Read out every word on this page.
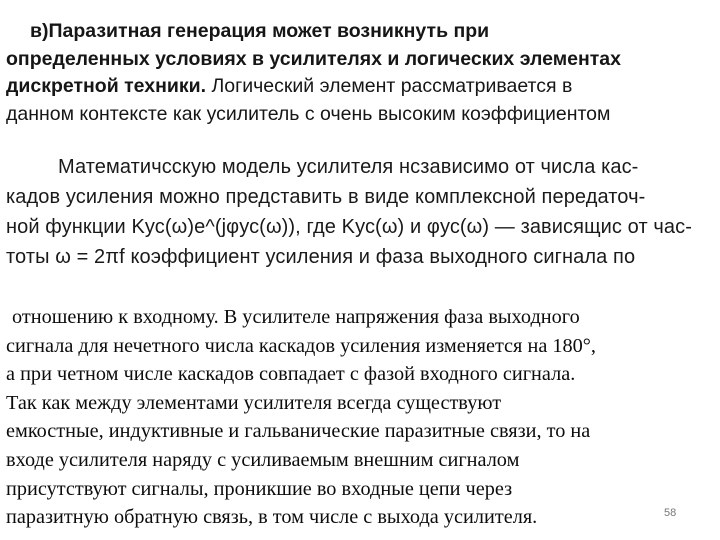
в)Паразитная генерация может возникнуть при

определенных условиях в усилителях и логических элементах

дискретной техники. Логический элемент рассматривается в

данном контексте как усилитель с очень высоким коэффициентом

Математичсскую модель усилителя нсзависимо от числа кас-

кадов усиления можно представить в виде комплексной передаточ-

ной функции Kус(ω)e^(jφус(ω)), где Kус(ω) и φус(ω) — зависящис от час-

тоты ω = 2πf коэффициент усиления и фаза выходного сигнала по

отношению к входному. В усилителе напряжения фаза выходного

сигнала для нечетного числа каскадов усиления изменяется на 180°,

а при четном числе каскадов совпадает с фазой входного сигнала.

Так как между элементами усилителя всегда существуют

емкостные, индуктивные и гальванические паразитные связи, то на

входе усилителя наряду с усиливаемым внешним сигналом

присутствуют сигналы, проникшие во входные цепи через

паразитную обратную связь, в том числе с выхода усилителя.	58
